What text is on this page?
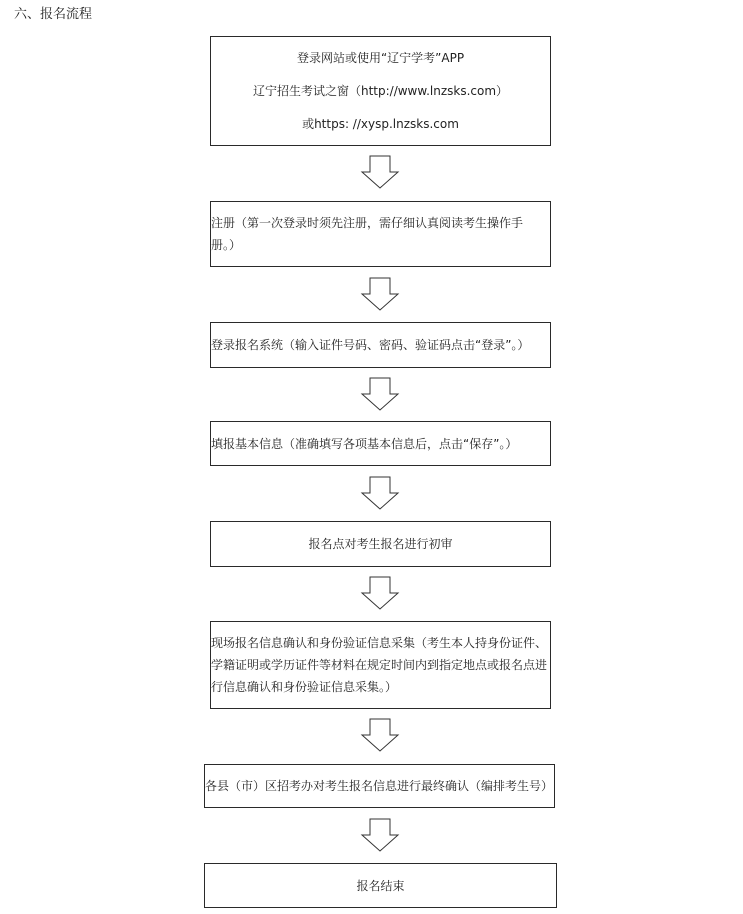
六、报名流程
登录网站或使用“辽宁学考”APP
辽宁招生考试之窗（http://www.lnzsks.com）
或https: //xysp.lnzsks.com
注册（第一次登录时须先注册，需仔细认真阅读考生操作手
册。）
登录报名系统（输入证件号码、密码、验证码点击“登录”。）
填报基本信息（准确填写各项基本信息后，点击“保存”。）
报名点对考生报名进行初审
现场报名信息确认和身份验证信息采集（考生本人持身份证件、
学籍证明或学历证件等材料在规定时间内到指定地点或报名点进
行信息确认和身份验证信息采集。）
各县（市）区招考办对考生报名信息进行最终确认（编排考生号）
报名结束
